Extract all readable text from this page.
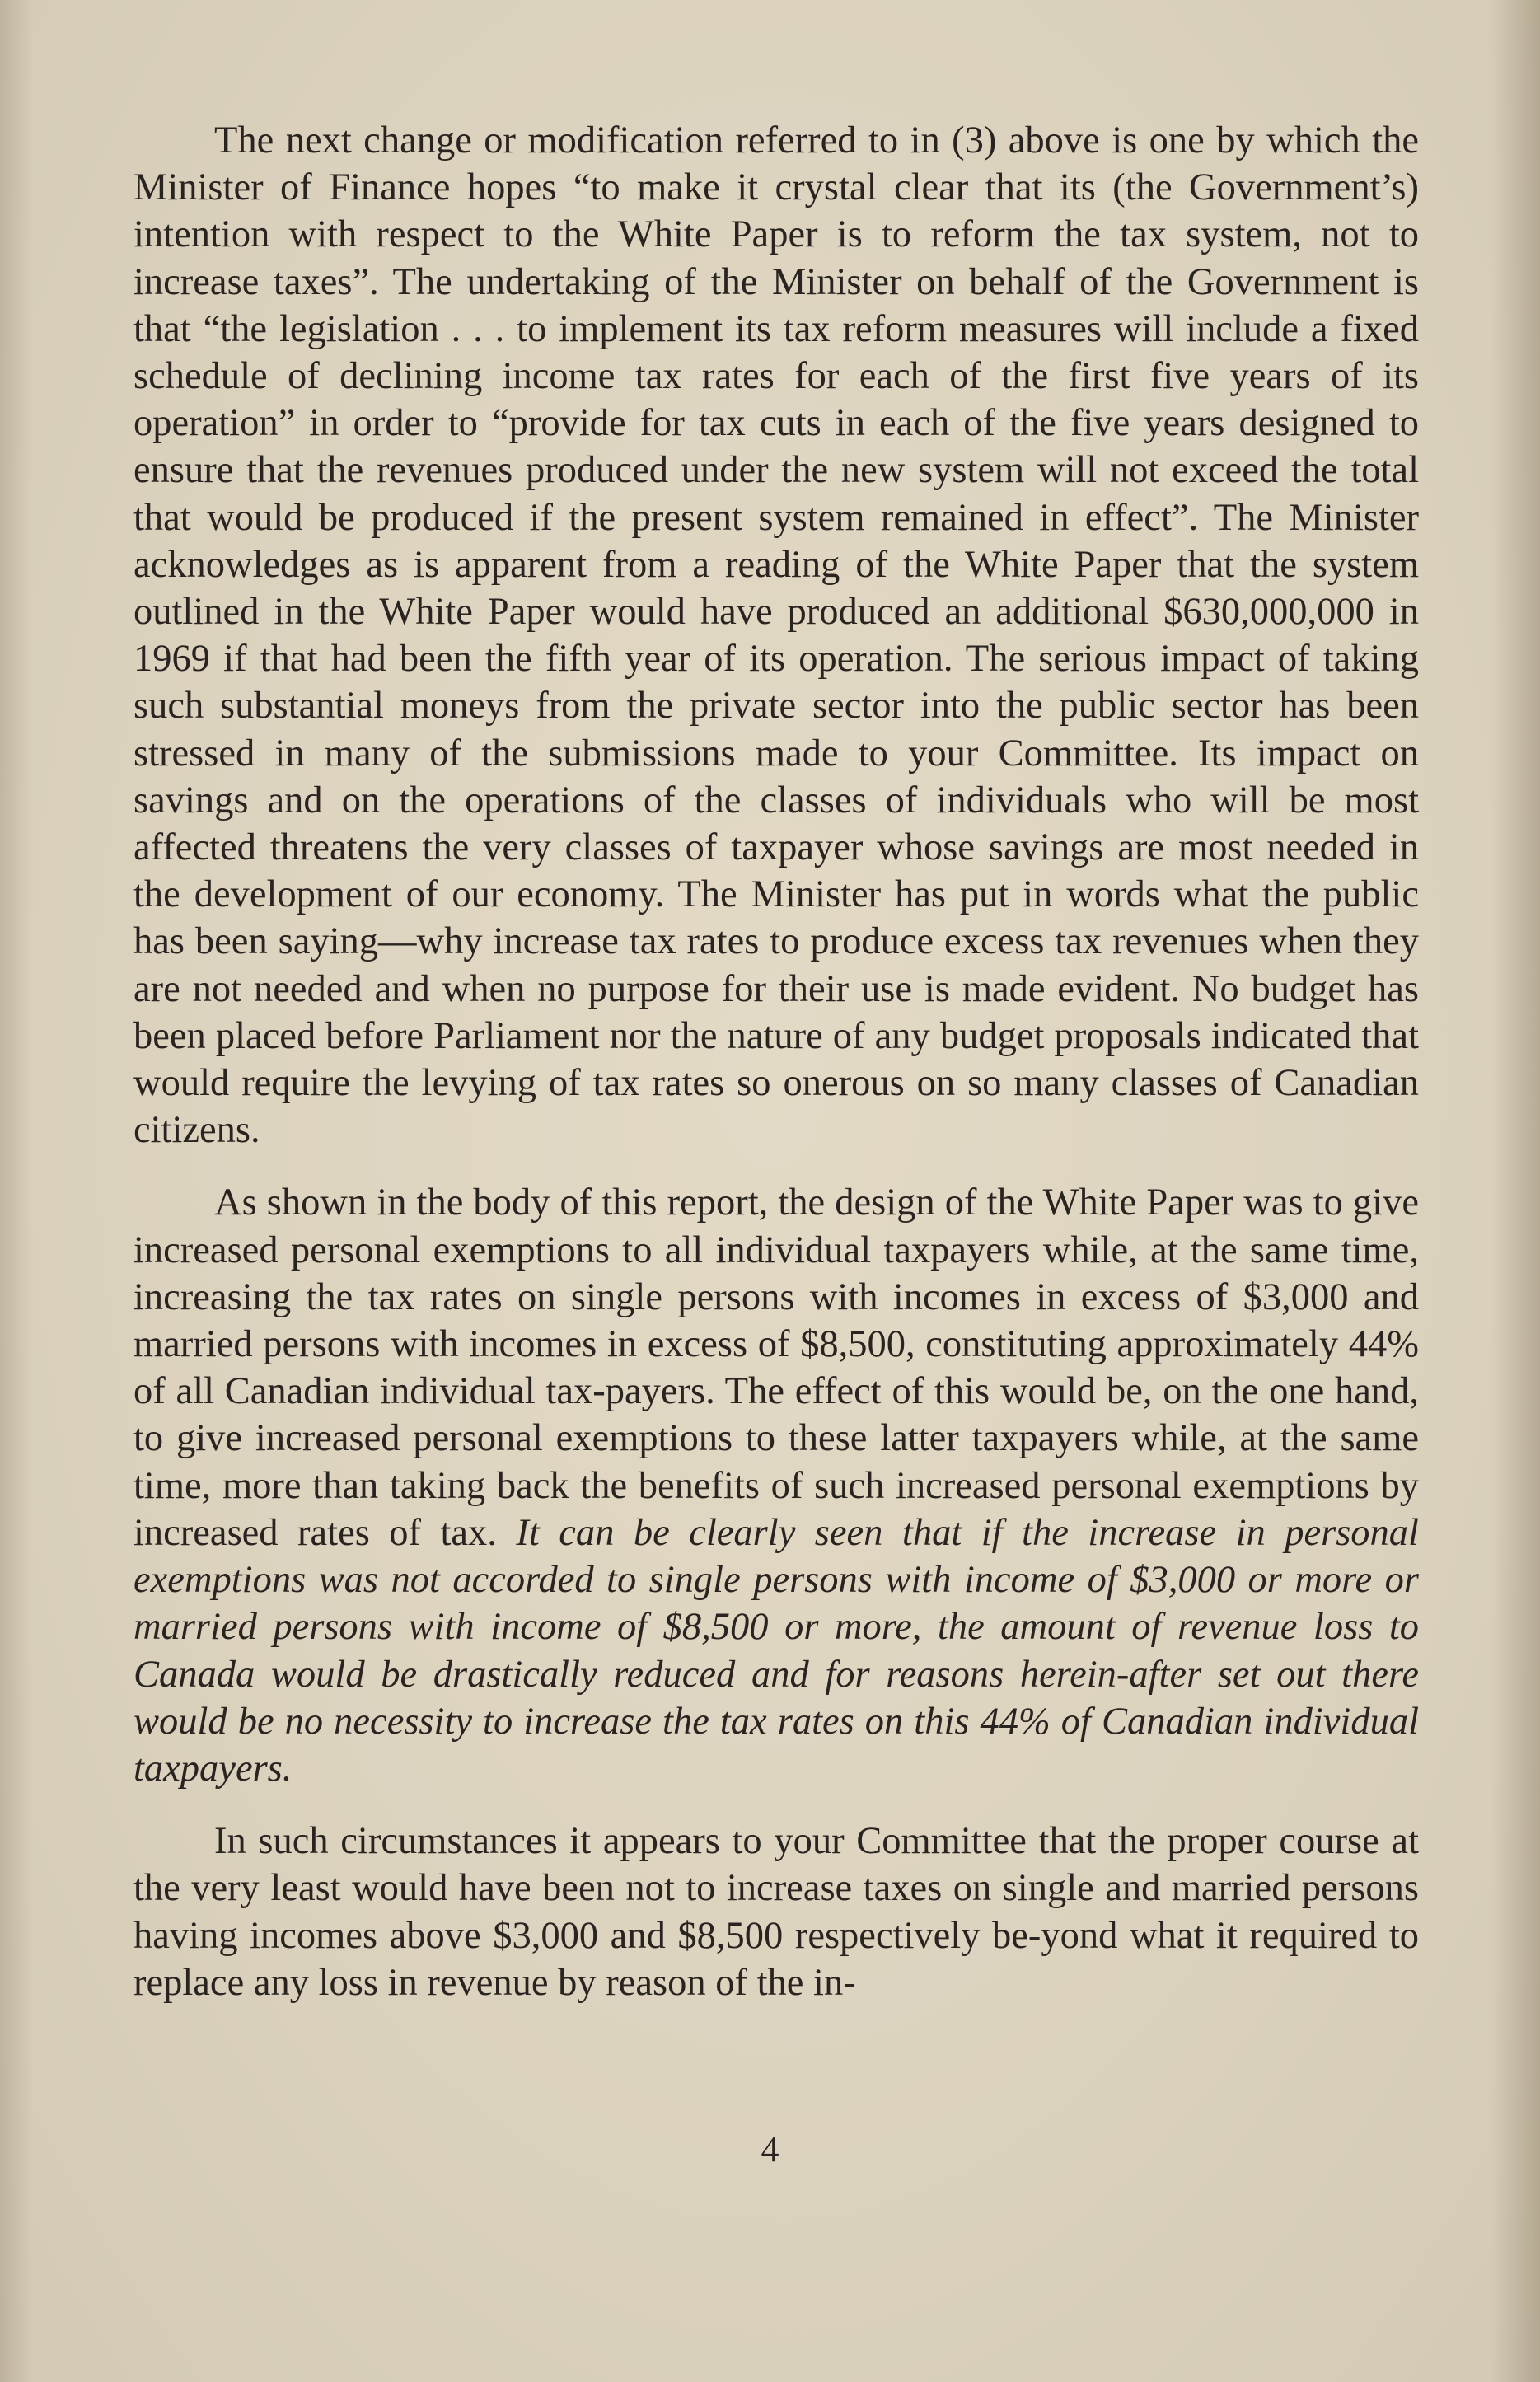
The next change or modification referred to in (3) above is one by which the Minister of Finance hopes “to make it crystal clear that its (the Government’s) intention with respect to the White Paper is to reform the tax system, not to increase taxes”. The undertaking of the Minister on behalf of the Government is that “the legislation . . . to implement its tax reform measures will include a fixed schedule of declining income tax rates for each of the first five years of its operation” in order to “provide for tax cuts in each of the five years designed to ensure that the revenues produced under the new system will not exceed the total that would be produced if the present system remained in effect”. The Minister acknowledges as is apparent from a reading of the White Paper that the system outlined in the White Paper would have produced an additional $630,000,000 in 1969 if that had been the fifth year of its operation. The serious impact of taking such substantial moneys from the private sector into the public sector has been stressed in many of the submissions made to your Committee. Its impact on savings and on the operations of the classes of individuals who will be most affected threatens the very classes of taxpayer whose savings are most needed in the development of our economy. The Minister has put in words what the public has been saying—why increase tax rates to produce excess tax revenues when they are not needed and when no purpose for their use is made evident. No budget has been placed before Parliament nor the nature of any budget proposals indicated that would require the levying of tax rates so onerous on so many classes of Canadian citizens.

As shown in the body of this report, the design of the White Paper was to give increased personal exemptions to all individual taxpayers while, at the same time, increasing the tax rates on single persons with incomes in excess of $3,000 and married persons with incomes in excess of $8,500, constituting approximately 44% of all Canadian individual tax-payers. The effect of this would be, on the one hand, to give increased personal exemptions to these latter taxpayers while, at the same time, more than taking back the benefits of such increased personal exemptions by increased rates of tax. It can be clearly seen that if the increase in personal exemptions was not accorded to single persons with income of $3,000 or more or married persons with income of $8,500 or more, the amount of revenue loss to Canada would be drastically reduced and for reasons herein-after set out there would be no necessity to increase the tax rates on this 44% of Canadian individual taxpayers.

In such circumstances it appears to your Committee that the proper course at the very least would have been not to increase taxes on single and married persons having incomes above $3,000 and $8,500 respectively be-yond what it required to replace any loss in revenue by reason of the in-

4
